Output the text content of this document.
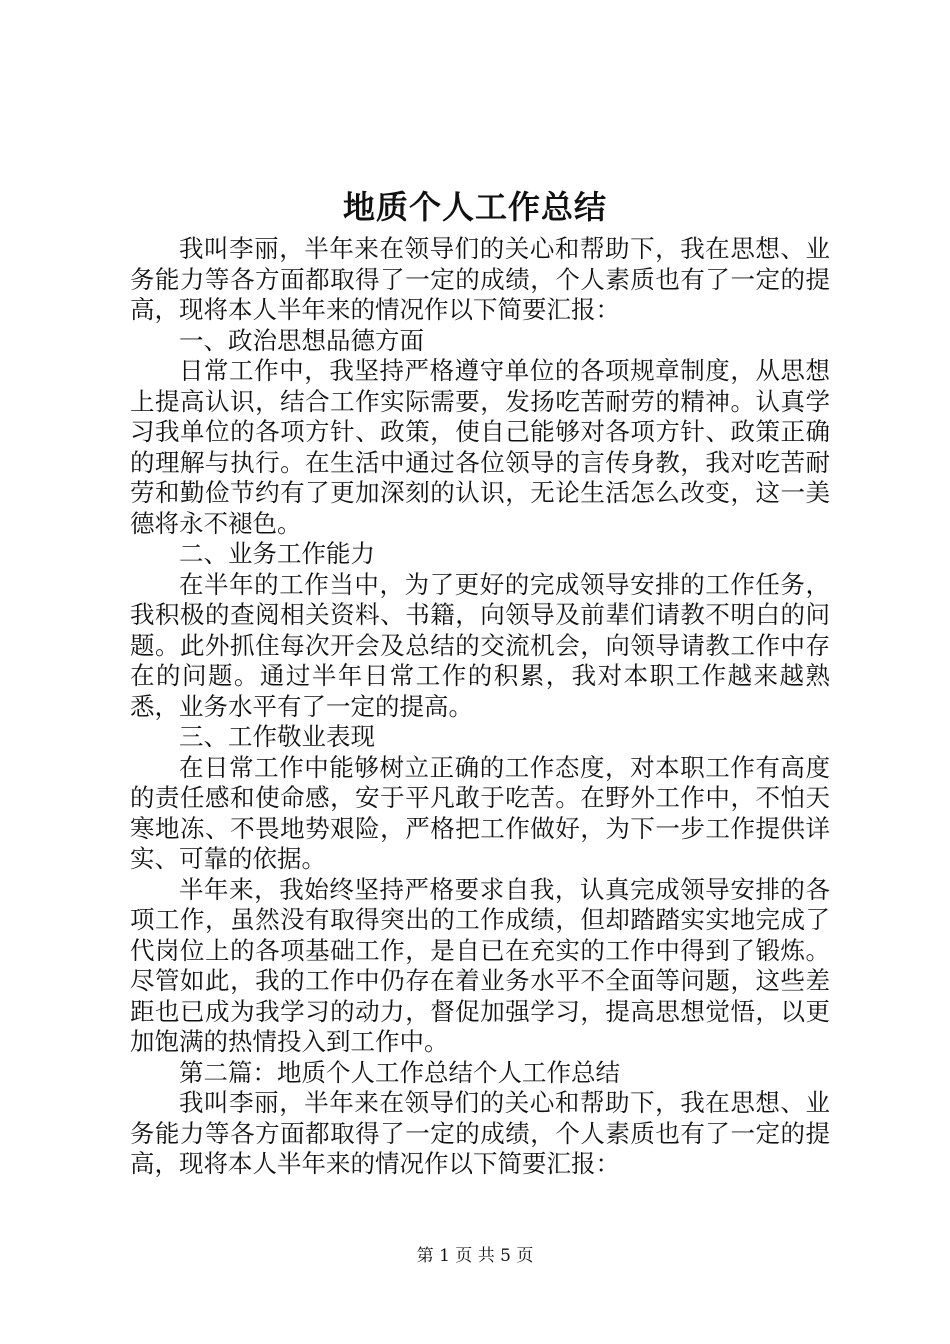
地质个人工作总结

我叫李丽，半年来在领导们的关心和帮助下，我在思想、业务能力等各方面都取得了一定的成绩，个人素质也有了一定的提高，现将本人半年来的情况作以下简要汇报：

一、政治思想品德方面

日常工作中，我坚持严格遵守单位的各项规章制度，从思想上提高认识，结合工作实际需要，发扬吃苦耐劳的精神。认真学习我单位的各项方针、政策，使自己能够对各项方针、政策正确的理解与执行。在生活中通过各位领导的言传身教，我对吃苦耐劳和勤俭节约有了更加深刻的认识，无论生活怎么改变，这一美德将永不褪色。

二、业务工作能力

在半年的工作当中，为了更好的完成领导安排的工作任务，我积极的查阅相关资料、书籍，向领导及前辈们请教不明白的问题。此外抓住每次开会及总结的交流机会，向领导请教工作中存在的问题。通过半年日常工作的积累，我对本职工作越来越熟悉，业务水平有了一定的提高。

三、工作敬业表现

在日常工作中能够树立正确的工作态度，对本职工作有高度的责任感和使命感，安于平凡敢于吃苦。在野外工作中，不怕天寒地冻、不畏地势艰险，严格把工作做好，为下一步工作提供详实、可靠的依据。

半年来，我始终坚持严格要求自我，认真完成领导安排的各项工作，虽然没有取得突出的工作成绩，但却踏踏实实地完成了代岗位上的各项基础工作，是自已在充实的工作中得到了锻炼。尽管如此，我的工作中仍存在着业务水平不全面等问题，这些差距也已成为我学习的动力，督促加强学习，提高思想觉悟，以更加饱满的热情投入到工作中。

第二篇：地质个人工作总结个人工作总结

我叫李丽，半年来在领导们的关心和帮助下，我在思想、业务能力等各方面都取得了一定的成绩，个人素质也有了一定的提高，现将本人半年来的情况作以下简要汇报：

第 1 页 共 5 页
